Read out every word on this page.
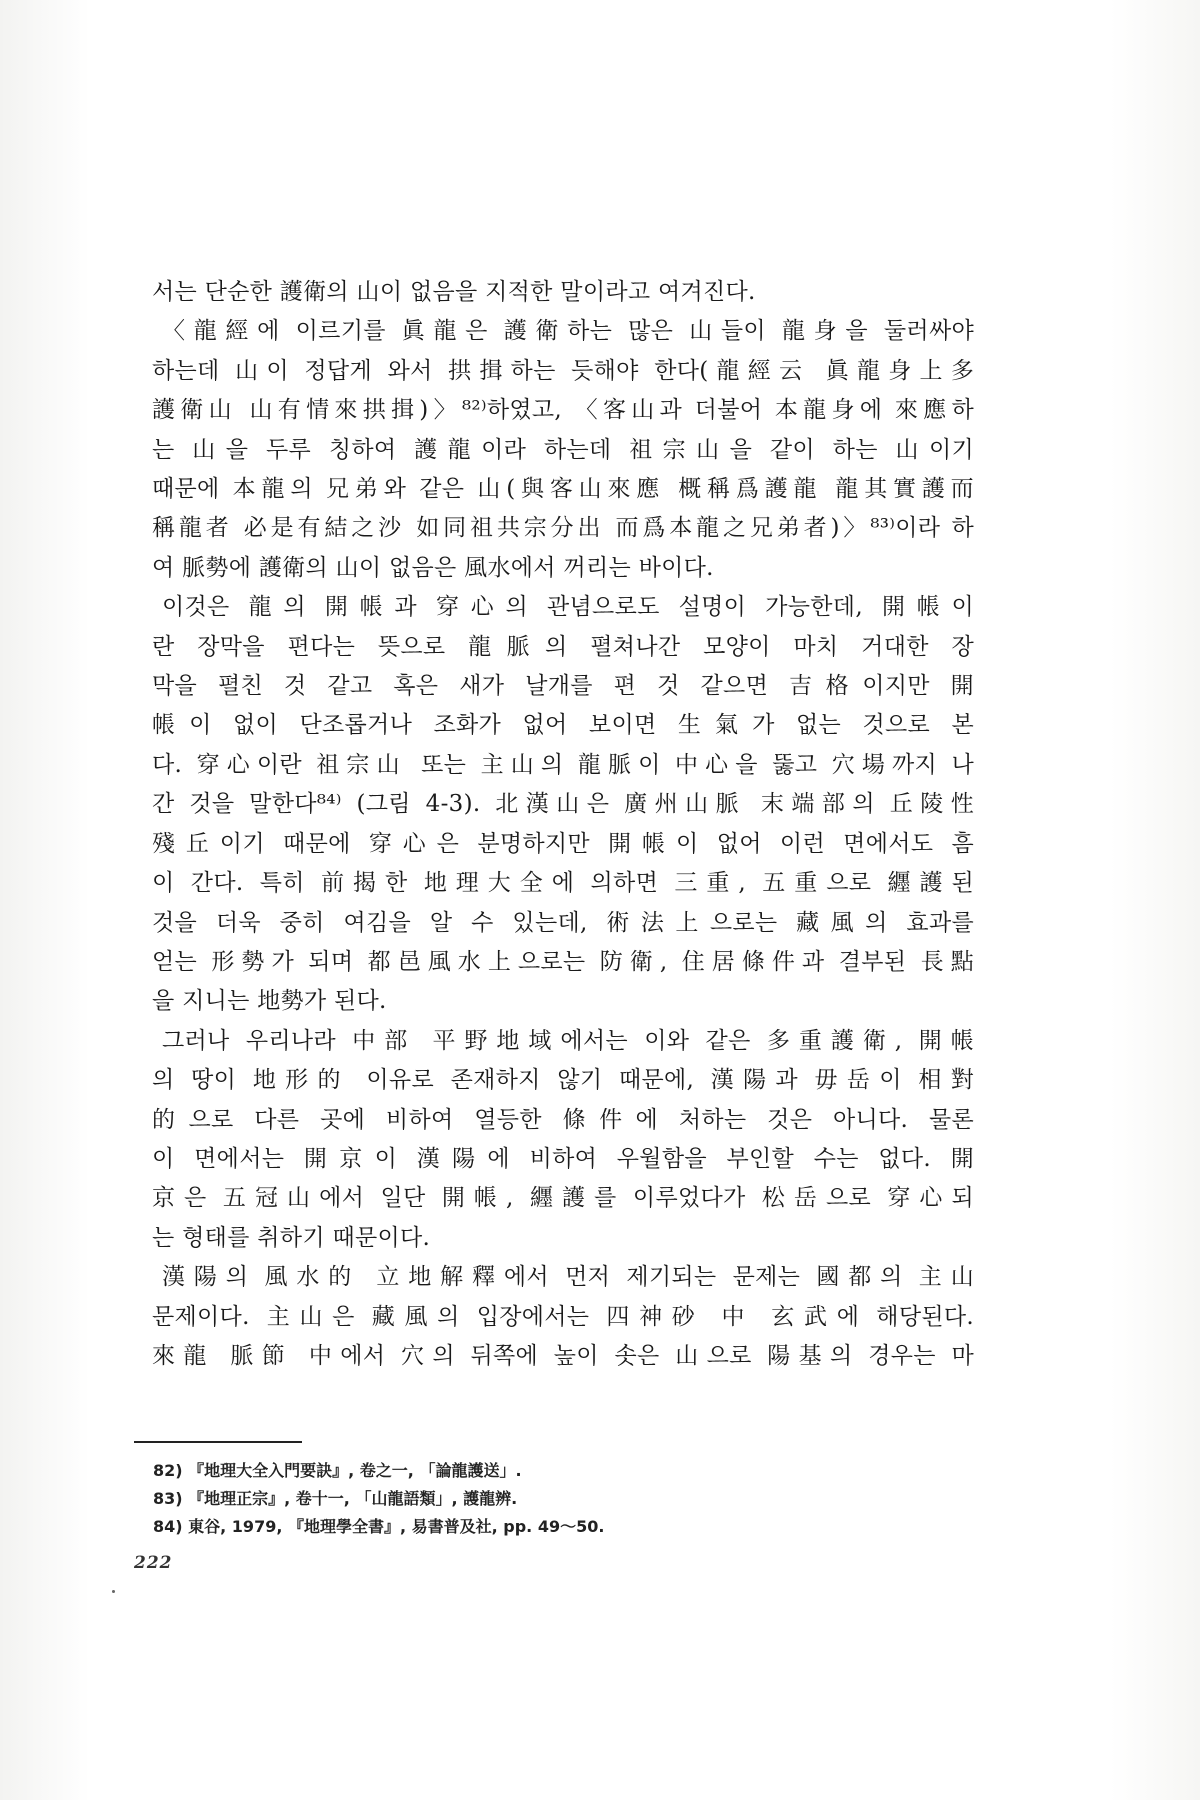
서는 단순한 護衛의 山이 없음을 지적한 말이라고 여겨진다.

〈龍經에 이르기를 眞龍은 護衛하는 많은 山들이 龍身을 둘러싸야

하는데 山이 정답게 와서 拱揖하는 듯해야 한다(龍經云 眞龍身上多

護衛山 山有情來拱揖)〉⁸²⁾하였고, 〈客山과 더불어 本龍身에 來應하

는 山을 두루 칭하여 護龍이라 하는데 祖宗山을 같이 하는 山이기

때문에 本龍의 兄弟와 같은 山(與客山來應 概稱爲護龍 龍其實護而

稱龍者 必是有結之沙 如同祖共宗分出 而爲本龍之兄弟者)〉⁸³⁾이라 하

여 脈勢에 護衛의 山이 없음은 風水에서 꺼리는 바이다.

이것은 龍의 開帳과 穿心의 관념으로도 설명이 가능한데, 開帳이

란 장막을 편다는 뜻으로 龍脈의 펼쳐나간 모양이 마치 거대한 장

막을 펼친 것 같고 혹은 새가 날개를 편 것 같으면 吉格이지만 開

帳이 없이 단조롭거나 조화가 없어 보이면 生氣가 없는 것으로 본

다. 穿心이란 祖宗山 또는 主山의 龍脈이 中心을 뚫고 穴場까지 나

간 것을 말한다⁸⁴⁾ (그림 4-3). 北漢山은 廣州山脈 末端部의 丘陵性

殘丘이기 때문에 穿心은 분명하지만 開帳이 없어 이런 면에서도 흠

이 간다. 특히 前揭한 地理大全에 의하면 三重, 五重으로 纒護된

것을 더욱 중히 여김을 알 수 있는데, 術法上으로는 藏風의 효과를

얻는 形勢가 되며 都邑風水上으로는 防衛, 住居條件과 결부된 長點

을 지니는 地勢가 된다.

그러나 우리나라 中部 平野地域에서는 이와 같은 多重護衛, 開帳

의 땅이 地形的 이유로 존재하지 않기 때문에, 漢陽과 毋岳이 相對

的으로 다른 곳에 비하여 열등한 條件에 처하는 것은 아니다. 물론

이 면에서는 開京이 漢陽에 비하여 우월함을 부인할 수는 없다. 開

京은 五冠山에서 일단 開帳, 纒護를 이루었다가 松岳으로 穿心되

는 형태를 취하기 때문이다.

漢陽의 風水的 立地解釋에서 먼저 제기되는 문제는 國都의 主山

문제이다. 主山은 藏風의 입장에서는 四神砂 中 玄武에 해당된다.

來龍 脈節 中에서 穴의 뒤쪽에 높이 솟은 山으로 陽基의 경우는 마

82) 『地理大全入門要訣』, 卷之一, 「論龍護送」.
83) 『地理正宗』, 卷十一, 「山龍語類」, 護龍辨.
84) 東谷, 1979, 『地理學全書』, 易書普及社, pp. 49〜50.
222
